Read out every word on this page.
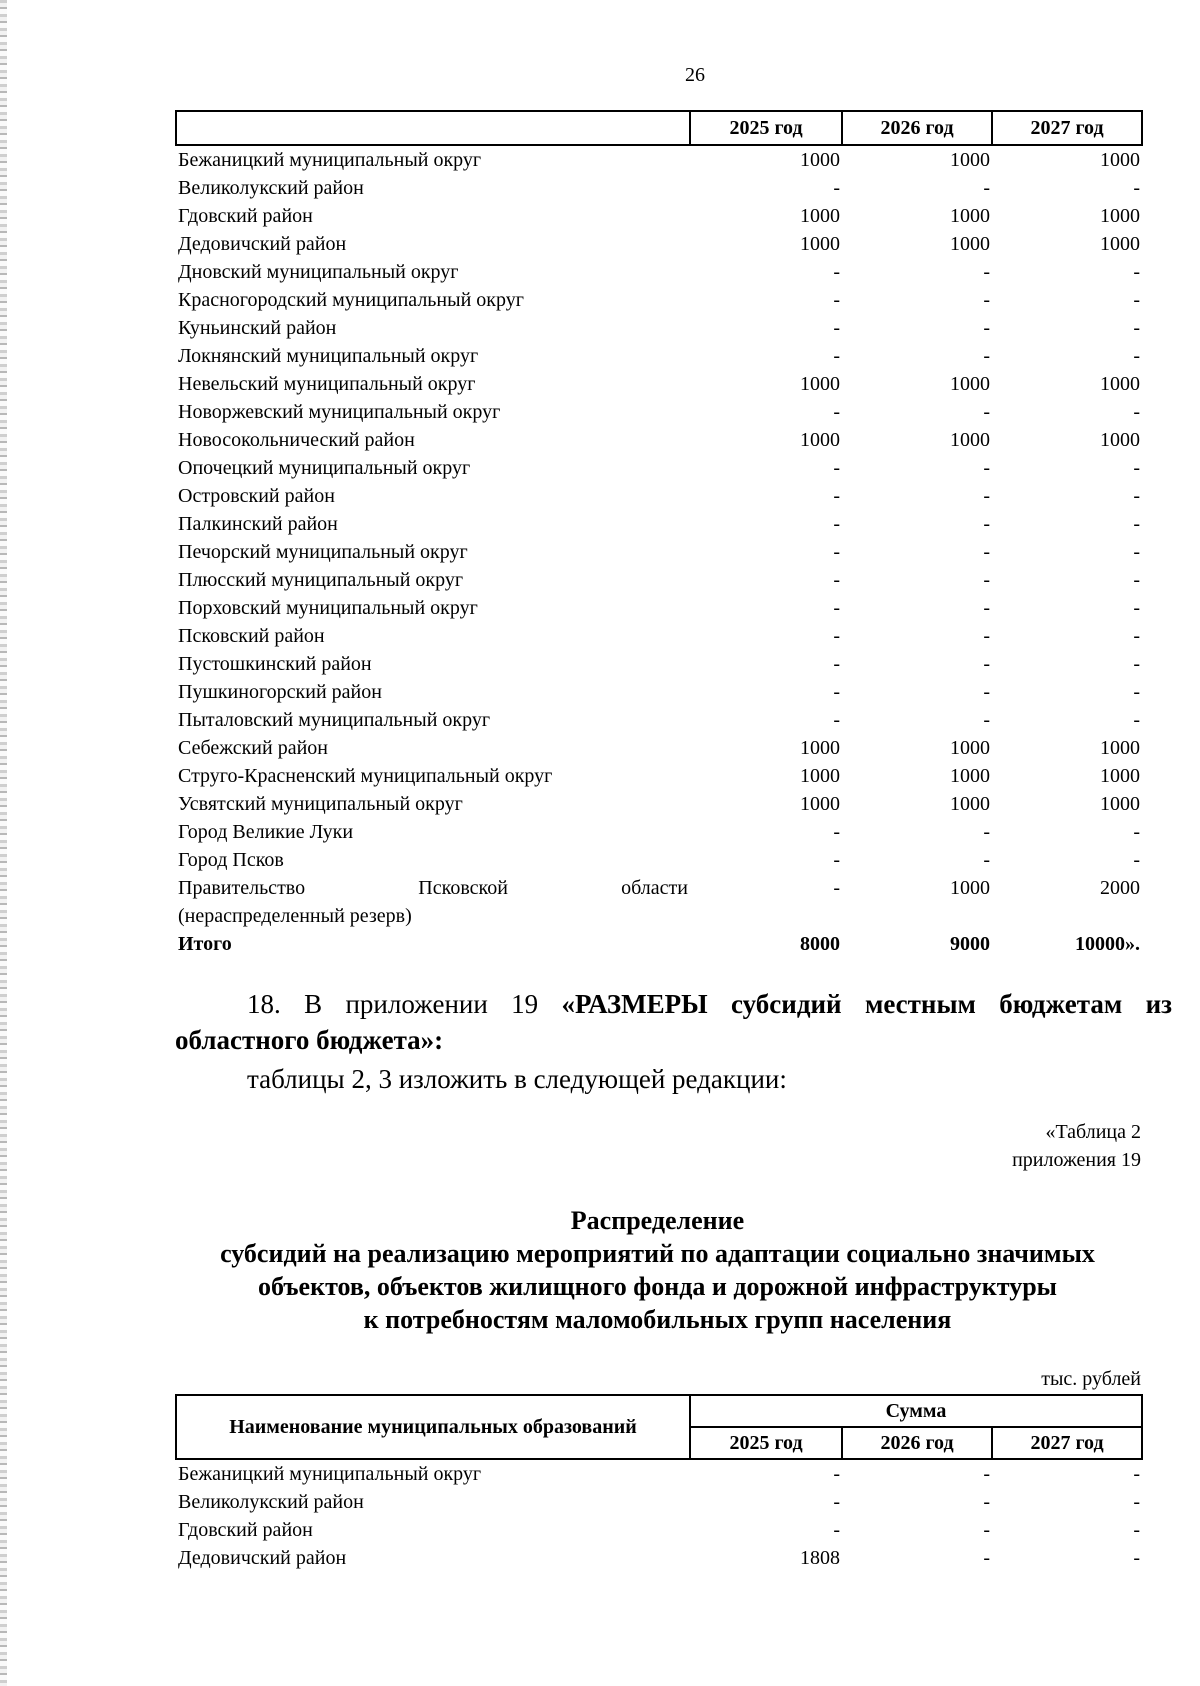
26
	2025 год	2026 год	2027 год
Бежаницкий муниципальный округ	1000	1000	1000
Великолукский район	-	-	-
Гдовский район	1000	1000	1000
Дедовичский район	1000	1000	1000
Дновский муниципальный округ	-	-	-
Красногородский муниципальный округ	-	-	-
Куньинский район	-	-	-
Локнянский муниципальный округ	-	-	-
Невельский муниципальный округ	1000	1000	1000
Новоржевский муниципальный округ	-	-	-
Новосокольнический район	1000	1000	1000
Опочецкий муниципальный округ	-	-	-
Островский район	-	-	-
Палкинский район	-	-	-
Печорский муниципальный округ	-	-	-
Плюсский муниципальный округ	-	-	-
Порховский муниципальный округ	-	-	-
Псковский район	-	-	-
Пустошкинский район	-	-	-
Пушкиногорский район	-	-	-
Пыталовский муниципальный округ	-	-	-
Себежский район	1000	1000	1000
Струго-Красненский муниципальный округ	1000	1000	1000
Усвятский муниципальный округ	1000	1000	1000
Город Великие Луки	-	-	-
Город Псков	-	-	-

Правительство Псковской области	-	1000	2000
(нераспределенный резерв)			
Итого	8000	9000	10000».
18. В приложении 19 «РАЗМЕРЫ субсидий местным бюджетам из областного бюджета»:
таблицы 2, 3 изложить в следующей редакции:
«Таблица 2
приложения 19
Распределение
субсидий на реализацию мероприятий по адаптации социально значимых
объектов, объектов жилищного фонда и дорожной инфраструктуры
к потребностям маломобильных групп населения
тыс. рублей
Наименование муниципальных образований	Сумма		
	2025 год	2026 год	2027 год
Бежаницкий муниципальный округ	-	-	-
Великолукский район	-	-	-
Гдовский район	-	-	-
Дедовичский район	1808	-	-
